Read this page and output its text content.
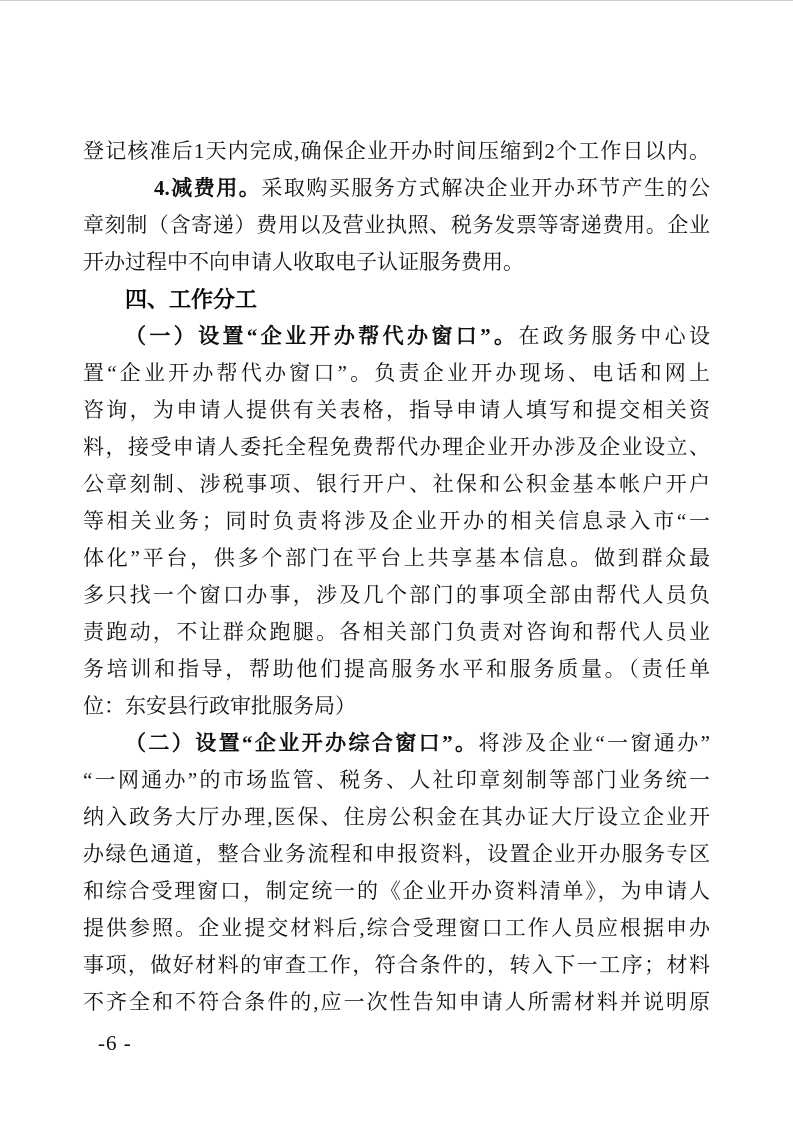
登记核准后1天内完成,确保企业开办时间压缩到2个工作日以内。
4.减费用。采取购买服务方式解决企业开办环节产生的公
章刻制（含寄递）费用以及营业执照、税务发票等寄递费用。企业
开办过程中不向申请人收取电子认证服务费用。
四、工作分工
（一）设置“企业开办帮代办窗口”。在政务服务中心设
置“企业开办帮代办窗口”。负责企业开办现场、电话和网上
咨询，为申请人提供有关表格，指导申请人填写和提交相关资
料，接受申请人委托全程免费帮代办理企业开办涉及企业设立、
公章刻制、涉税事项、银行开户、社保和公积金基本帐户开户
等相关业务；同时负责将涉及企业开办的相关信息录入市“一
体化”平台，供多个部门在平台上共享基本信息。做到群众最
多只找一个窗口办事，涉及几个部门的事项全部由帮代人员负
责跑动，不让群众跑腿。各相关部门负责对咨询和帮代人员业
务培训和指导，帮助他们提高服务水平和服务质量。（责任单
位：东安县行政审批服务局）
（二）设置“企业开办综合窗口”。将涉及企业“一窗通办”
“一网通办”的市场监管、税务、人社印章刻制等部门业务统一
纳入政务大厅办理,医保、住房公积金在其办证大厅设立企业开
办绿色通道，整合业务流程和申报资料，设置企业开办服务专区
和综合受理窗口，制定统一的《企业开办资料清单》，为申请人
提供参照。企业提交材料后,综合受理窗口工作人员应根据申办
事项，做好材料的审查工作，符合条件的，转入下一工序；材料
不齐全和不符合条件的,应一次性告知申请人所需材料并说明原
-6 -
